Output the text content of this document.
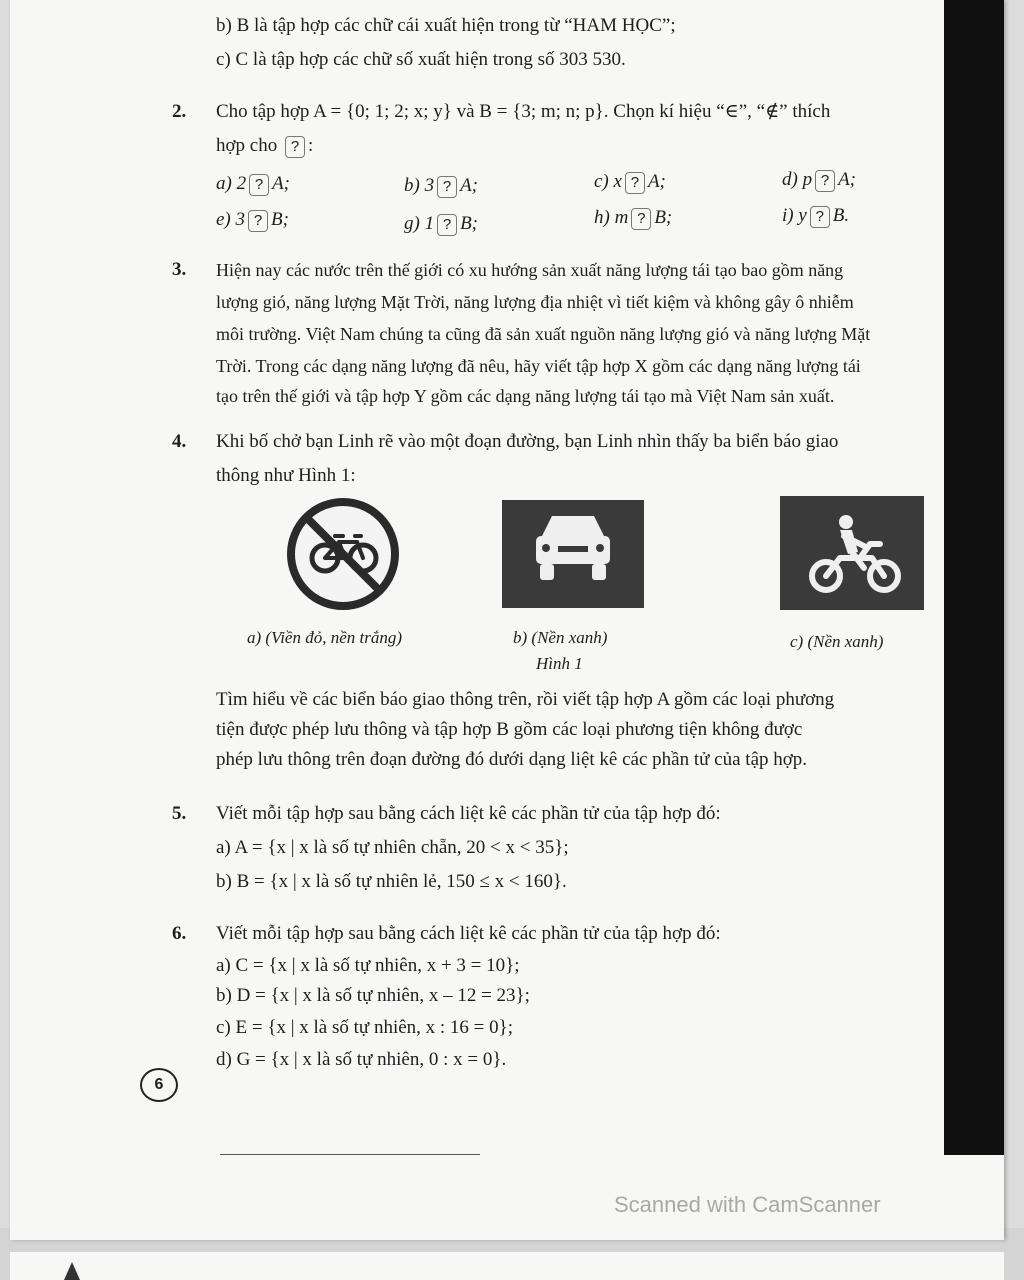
b) B là tập hợp các chữ cái xuất hiện trong từ “HAM HỌC”;
c) C là tập hợp các chữ số xuất hiện trong số 303 530.
2. Cho tập hợp A = {0; 1; 2; x; y} và B = {3; m; n; p}. Chọn kí hiệu “∈”, “∉” thích
hợp cho ? :
a) 2 ? A;	b) 3 ? A;	c) x ? A;	d) p ? A;
e) 3 ? B;	g) 1 ? B;	h) m ? B;	i) y ? B.
3. Hiện nay các nước trên thế giới có xu hướng sản xuất năng lượng tái tạo bao gồm năng
lượng gió, năng lượng Mặt Trời, năng lượng địa nhiệt vì tiết kiệm và không gây ô nhiễm
môi trường. Việt Nam chúng ta cũng đã sản xuất nguồn năng lượng gió và năng lượng Mặt
Trời. Trong các dạng năng lượng đã nêu, hãy viết tập hợp X gồm các dạng năng lượng tái
tạo trên thế giới và tập hợp Y gồm các dạng năng lượng tái tạo mà Việt Nam sản xuất.
4. Khi bố chở bạn Linh rẽ vào một đoạn đường, bạn Linh nhìn thấy ba biển báo giao
thông như Hình 1:
a) (Viền đỏ, nền trắng)	b) (Nền xanh)	c) (Nền xanh)
Hình 1
Tìm hiểu về các biển báo giao thông trên, rồi viết tập hợp A gồm các loại phương
tiện được phép lưu thông và tập hợp B gồm các loại phương tiện không được
phép lưu thông trên đoạn đường đó dưới dạng liệt kê các phần tử của tập hợp.
5. Viết mỗi tập hợp sau bằng cách liệt kê các phần tử của tập hợp đó:
a) A = {x | x là số tự nhiên chẵn, 20 < x < 35};
b) B = {x | x là số tự nhiên lẻ, 150 ≤ x < 160}.
6. Viết mỗi tập hợp sau bằng cách liệt kê các phần tử của tập hợp đó:
a) C = {x | x là số tự nhiên, x + 3 = 10};
b) D = {x | x là số tự nhiên, x – 12 = 23};
c) E = {x | x là số tự nhiên, x : 16 = 0};
d) G = {x | x là số tự nhiên, 0 : x = 0}.
6
Scanned with CamScanner
